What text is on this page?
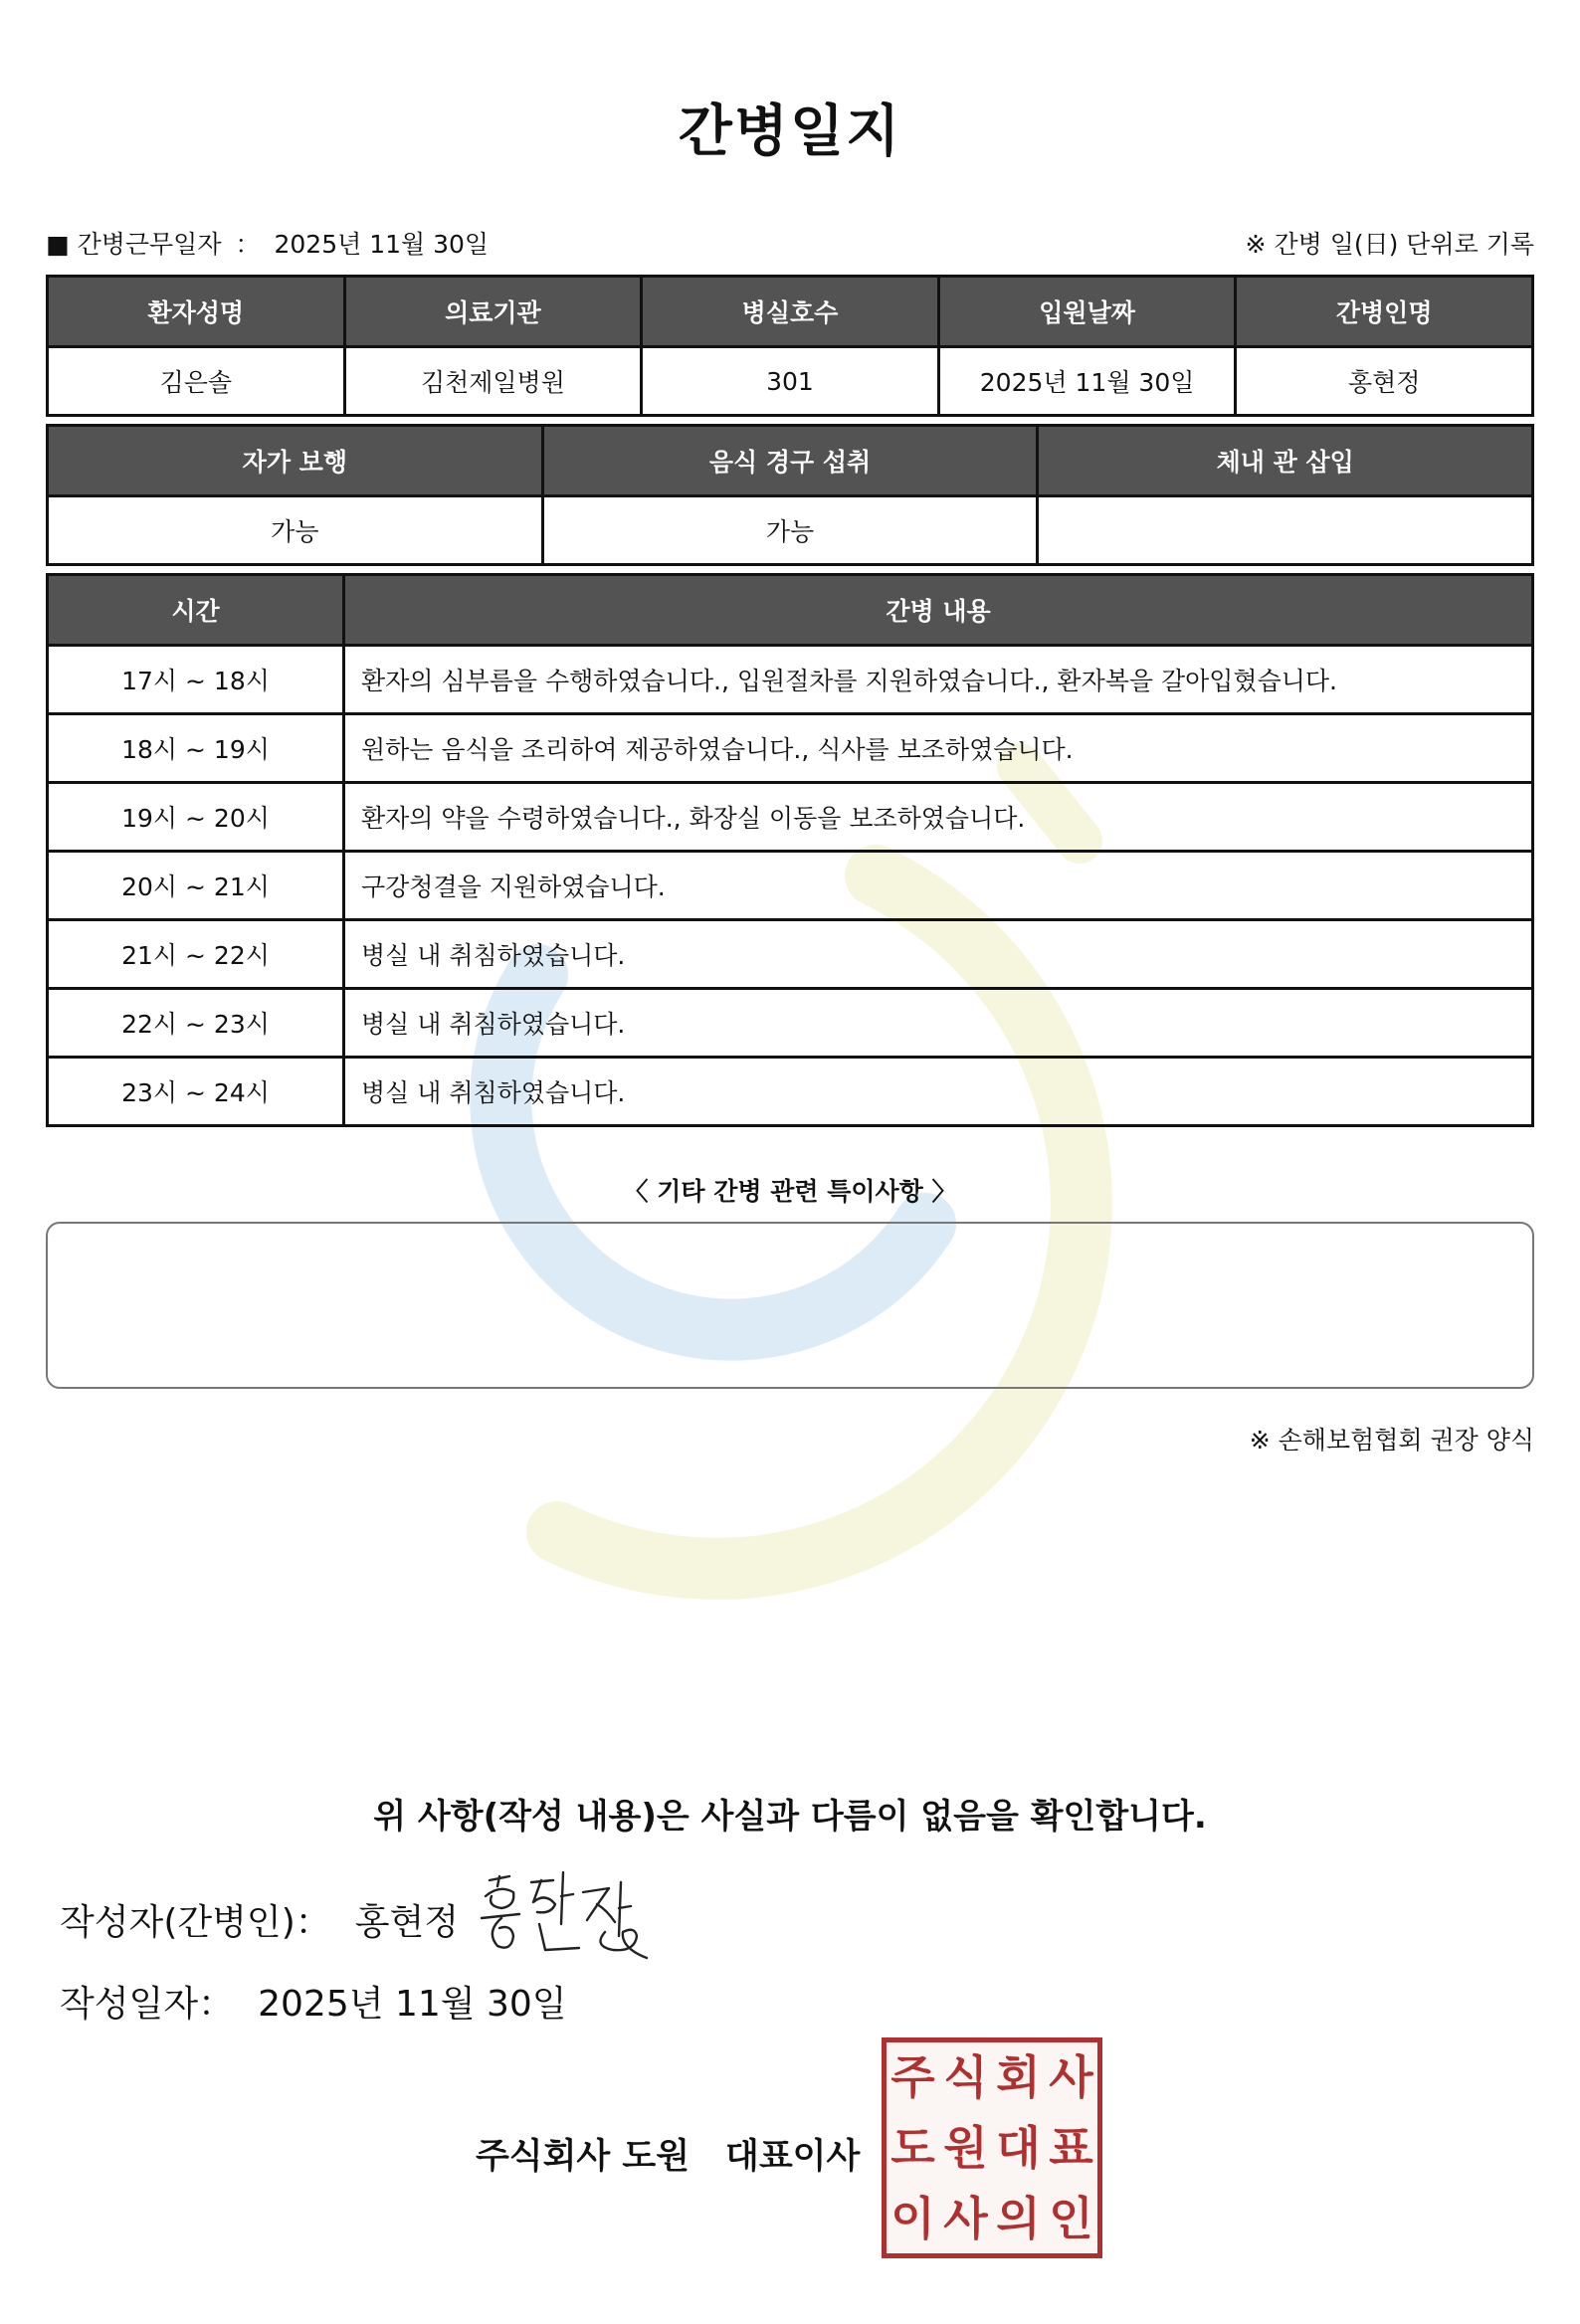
간병일지
■ 간병근무일자 ： 2025년 11월 30일	※ 간병 일(日) 단위로 기록
환자성명	의료기관	병실호수	입원날짜	간병인명
김은솔	김천제일병원	301	2025년 11월 30일	홍현정
자가 보행	음식 경구 섭취	체내 관 삽입
가능	가능	
시간	간병 내용
17시 ~ 18시	환자의 심부름을 수행하였습니다., 입원절차를 지원하였습니다., 환자복을 갈아입혔습니다.
18시 ~ 19시	원하는 음식을 조리하여 제공하였습니다., 식사를 보조하였습니다.
19시 ~ 20시	환자의 약을 수령하였습니다., 화장실 이동을 보조하였습니다.
20시 ~ 21시	구강청결을 지원하였습니다.
21시 ~ 22시	병실 내 취침하였습니다.
22시 ~ 23시	병실 내 취침하였습니다.
23시 ~ 24시	병실 내 취침하였습니다.
〈 기타 간병 관련 특이사항 〉
※ 손해보험협회 권장 양식
위 사항(작성 내용)은 사실과 다름이 없음을 확인합니다.
작성자(간병인)： 홍현정
작성일자： 2025년 11월 30일
주식회사 도원 대표이사
주 식 회 사
도 원 대 표
이 사 의 인
